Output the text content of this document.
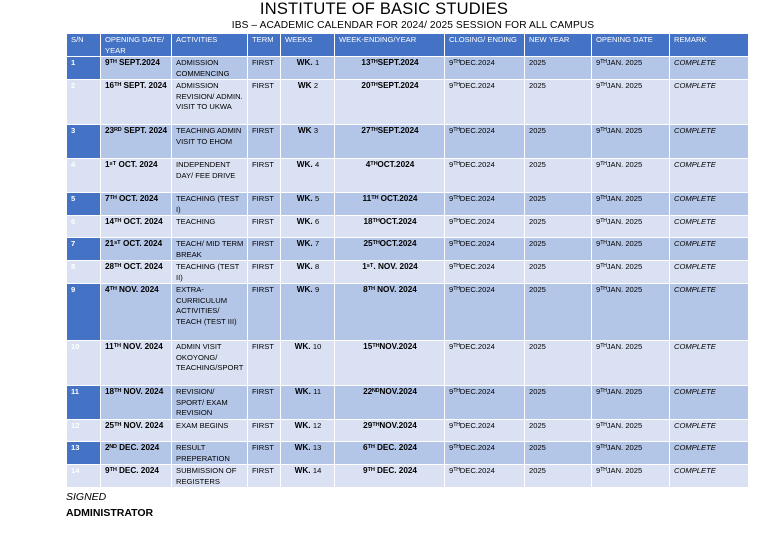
INSTITUTE OF BASIC STUDIES
IBS – ACADEMIC CALENDAR FOR 2024/ 2025 SESSION FOR ALL CAMPUS
S/N	OPENING DATE/ YEAR	ACTIVITIES	TERM	WEEKS	WEEK-ENDING/YEAR	CLOSING/ ENDING	NEW YEAR	OPENING DATE	REMARK
1	9ᵀᴴ SEPT.2024	ADMISSION COMMENCING	FIRST	WK. 1	13ᵀᴴSEPT.2024	9ᵀᴴDEC.2024	2025	9ᵀᴴJAN. 2025	COMPLETE
2	16ᵀᴴ SEPT. 2024	ADMISSION REVISION/ ADMIN. VISIT TO UKWA	FIRST	WK 2	20ᵀᴴSEPT.2024	9ᵀᴴDEC.2024	2025	9ᵀᴴJAN. 2025	COMPLETE
3	23ᴿᴰ SEPT. 2024	TEACHING ADMIN VISIT TO EHOM	FIRST	WK 3	27ᵀᴴSEPT.2024	9ᵀᴴDEC.2024	2025	9ᵀᴴJAN. 2025	COMPLETE
4	1ˢᵀ OCT. 2024	INDEPENDENT DAY/ FEE DRIVE	FIRST	WK. 4	4ᵀᴴOCT.2024	9ᵀᴴDEC.2024	2025	9ᵀᴴJAN. 2025	COMPLETE
5	7ᵀᴴ OCT. 2024	TEACHING (TEST I)	FIRST	WK. 5	11ᵀᴴ OCT.2024	9ᵀᴴDEC.2024	2025	9ᵀᴴJAN. 2025	COMPLETE
6	14ᵀᴴ OCT. 2024	TEACHING	FIRST	WK. 6	18ᵀᴴOCT.2024	9ᵀᴴDEC.2024	2025	9ᵀᴴJAN. 2025	COMPLETE
7	21ˢᵀ OCT. 2024	TEACH/ MID TERM BREAK	FIRST	WK. 7	25ᵀᴴOCT.2024	9ᵀᴴDEC.2024	2025	9ᵀᴴJAN. 2025	COMPLETE
8	28ᵀᴴ OCT. 2024	TEACHING (TEST II)	FIRST	WK. 8	1ˢᵀ. NOV. 2024	9ᵀᴴDEC.2024	2025	9ᵀᴴJAN. 2025	COMPLETE
9	4ᵀᴴ NOV. 2024	EXTRA-CURRICULUM ACTIVITIES/ TEACH (TEST III)	FIRST	WK. 9	8ᵀᴴ NOV. 2024	9ᵀᴴDEC.2024	2025	9ᵀᴴJAN. 2025	COMPLETE
10	11ᵀᴴ NOV. 2024	ADMIN VISIT OKOYONG/ TEACHING/SPORT	FIRST	WK. 10	15ᵀᴴNOV.2024	9ᵀᴴDEC.2024	2025	9ᵀᴴJAN. 2025	COMPLETE
11	18ᵀᴴ NOV. 2024	REVISION/ SPORT/ EXAM REVISION	FIRST	WK. 11	22ᴺᴰNOV.2024	9ᵀᴴDEC.2024	2025	9ᵀᴴJAN. 2025	COMPLETE
12	25ᵀᴴ NOV. 2024	EXAM BEGINS	FIRST	WK. 12	29ᵀᴴNOV.2024	9ᵀᴴDEC.2024	2025	9ᵀᴴJAN. 2025	COMPLETE
13	2ᴺᴰ DEC. 2024	RESULT PREPERATION	FIRST	WK. 13	6ᵀᴴ DEC. 2024	9ᵀᴴDEC.2024	2025	9ᵀᴴJAN. 2025	COMPLETE
14	9ᵀᴴ DEC. 2024	SUBMISSION OF REGISTERS	FIRST	WK. 14	9ᵀᴴ DEC. 2024	9ᵀᴴDEC.2024	2025	9ᵀᴴJAN. 2025	COMPLETE
SIGNED
ADMINISTRATOR
